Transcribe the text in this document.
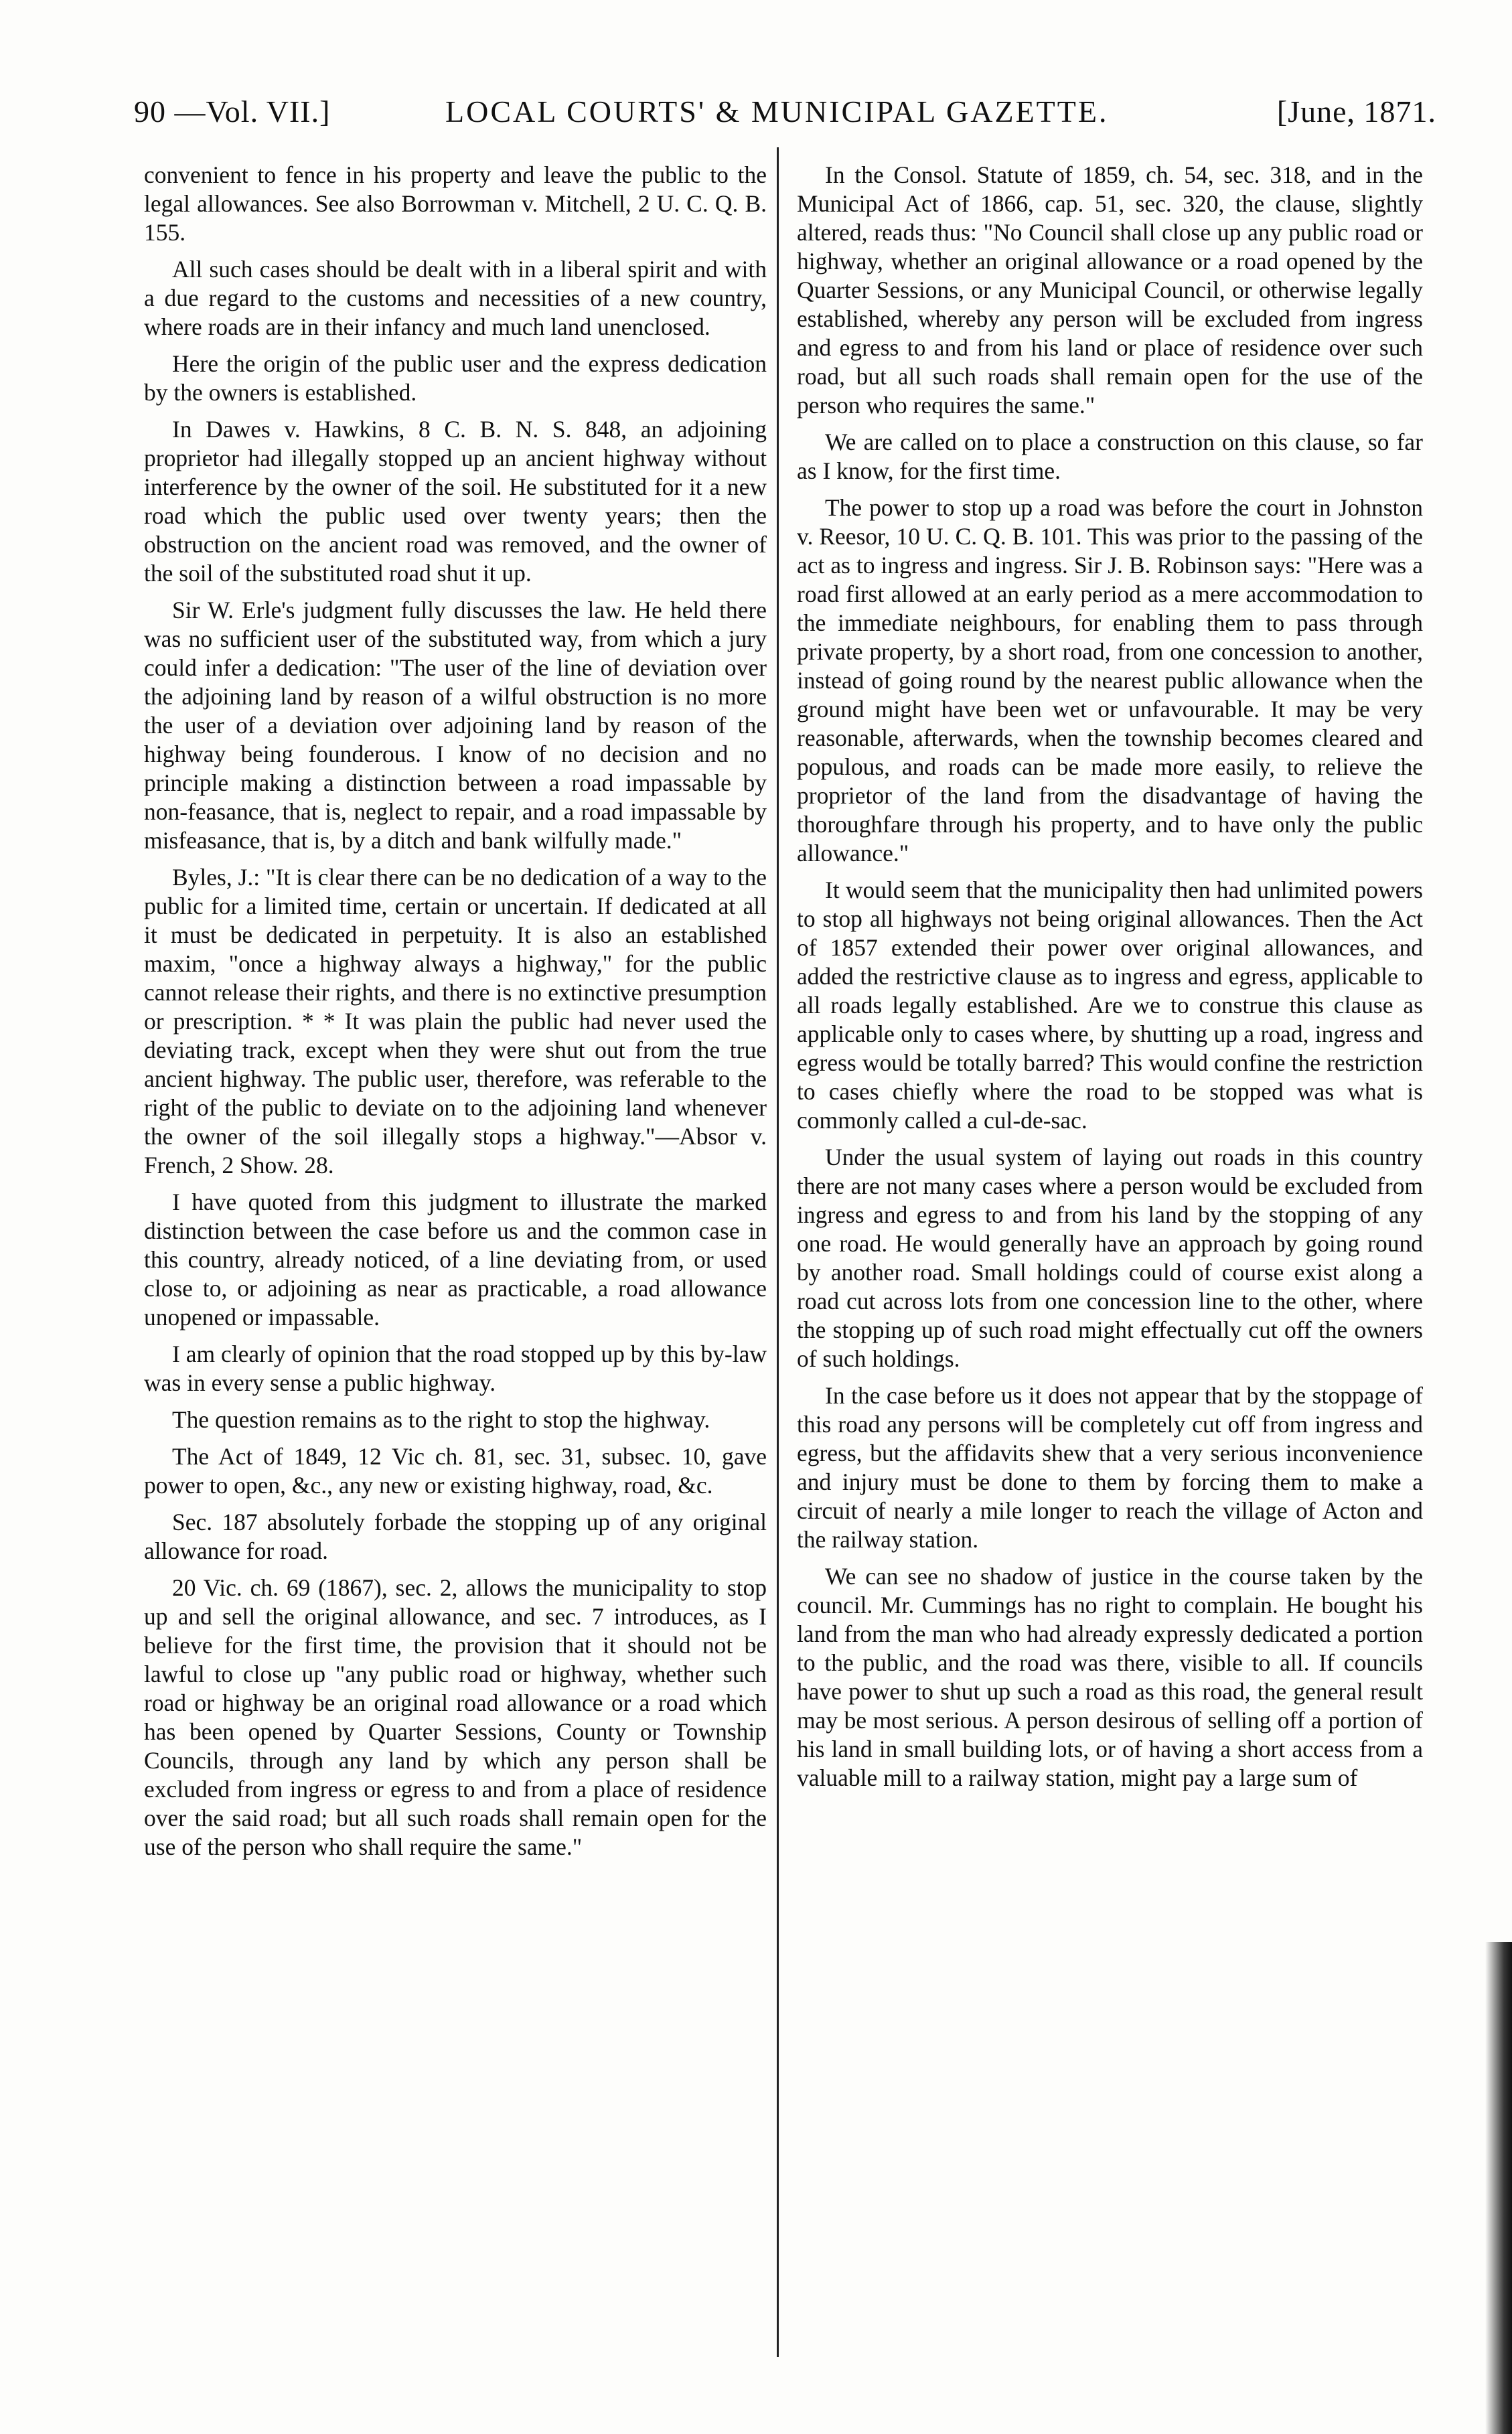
90 —Vol. VII.]	LOCAL COURTS' & MUNICIPAL GAZETTE.	[June, 1871.

convenient to fence in his property and leave the public to the legal allowances. See also Borrowman v. Mitchell, 2 U. C. Q. B. 155.

All such cases should be dealt with in a liberal spirit and with a due regard to the customs and necessities of a new country, where roads are in their infancy and much land unenclosed.

Here the origin of the public user and the express dedication by the owners is established.

In Dawes v. Hawkins, 8 C. B. N. S. 848, an adjoining proprietor had illegally stopped up an ancient highway without interference by the owner of the soil. He substituted for it a new road which the public used over twenty years; then the obstruction on the ancient road was removed, and the owner of the soil of the substituted road shut it up.

Sir W. Erle's judgment fully discusses the law. He held there was no sufficient user of the substituted way, from which a jury could infer a dedication: "The user of the line of deviation over the adjoining land by reason of a wilful obstruction is no more the user of a deviation over adjoining land by reason of the highway being founderous. I know of no decision and no principle making a distinction between a road impassable by non-feasance, that is, neglect to repair, and a road impassable by misfeasance, that is, by a ditch and bank wilfully made."

Byles, J.: "It is clear there can be no dedication of a way to the public for a limited time, certain or uncertain. If dedicated at all it must be dedicated in perpetuity. It is also an established maxim, "once a highway always a highway," for the public cannot release their rights, and there is no extinctive presumption or prescription. * * It was plain the public had never used the deviating track, except when they were shut out from the true ancient highway. The public user, therefore, was referable to the right of the public to deviate on to the adjoining land whenever the owner of the soil illegally stops a highway."—Absor v. French, 2 Show. 28.

I have quoted from this judgment to illustrate the marked distinction between the case before us and the common case in this country, already noticed, of a line deviating from, or used close to, or adjoining as near as practicable, a road allowance unopened or impassable.

I am clearly of opinion that the road stopped up by this by-law was in every sense a public highway.

The question remains as to the right to stop the highway.

The Act of 1849, 12 Vic ch. 81, sec. 31, subsec. 10, gave power to open, &c., any new or existing highway, road, &c.

Sec. 187 absolutely forbade the stopping up of any original allowance for road.

20 Vic. ch. 69 (1867), sec. 2, allows the municipality to stop up and sell the original allowance, and sec. 7 introduces, as I believe for the first time, the provision that it should not be lawful to close up "any public road or highway, whether such road or highway be an original road allowance or a road which has been opened by Quarter Sessions, County or Township Councils, through any land by which any person shall be excluded from ingress or egress to and from a place of residence over the said road; but all such roads shall remain open for the use of the person who shall require the same."

In the Consol. Statute of 1859, ch. 54, sec. 318, and in the Municipal Act of 1866, cap. 51, sec. 320, the clause, slightly altered, reads thus: "No Council shall close up any public road or highway, whether an original allowance or a road opened by the Quarter Sessions, or any Municipal Council, or otherwise legally established, whereby any person will be excluded from ingress and egress to and from his land or place of residence over such road, but all such roads shall remain open for the use of the person who requires the same."

We are called on to place a construction on this clause, so far as I know, for the first time.

The power to stop up a road was before the court in Johnston v. Reesor, 10 U. C. Q. B. 101. This was prior to the passing of the act as to ingress and ingress. Sir J. B. Robinson says: "Here was a road first allowed at an early period as a mere accommodation to the immediate neighbours, for enabling them to pass through private property, by a short road, from one concession to another, instead of going round by the nearest public allowance when the ground might have been wet or unfavourable. It may be very reasonable, afterwards, when the township becomes cleared and populous, and roads can be made more easily, to relieve the proprietor of the land from the disadvantage of having the thoroughfare through his property, and to have only the public allowance."

It would seem that the municipality then had unlimited powers to stop all highways not being original allowances. Then the Act of 1857 extended their power over original allowances, and added the restrictive clause as to ingress and egress, applicable to all roads legally established. Are we to construe this clause as applicable only to cases where, by shutting up a road, ingress and egress would be totally barred? This would confine the restriction to cases chiefly where the road to be stopped was what is commonly called a cul-de-sac.

Under the usual system of laying out roads in this country there are not many cases where a person would be excluded from ingress and egress to and from his land by the stopping of any one road. He would generally have an approach by going round by another road. Small holdings could of course exist along a road cut across lots from one concession line to the other, where the stopping up of such road might effectually cut off the owners of such holdings.

In the case before us it does not appear that by the stoppage of this road any persons will be completely cut off from ingress and egress, but the affidavits shew that a very serious inconvenience and injury must be done to them by forcing them to make a circuit of nearly a mile longer to reach the village of Acton and the railway station.

We can see no shadow of justice in the course taken by the council. Mr. Cummings has no right to complain. He bought his land from the man who had already expressly dedicated a portion to the public, and the road was there, visible to all. If councils have power to shut up such a road as this road, the general result may be most serious. A person desirous of selling off a portion of his land in small building lots, or of having a short access from a valuable mill to a railway station, might pay a large sum of
